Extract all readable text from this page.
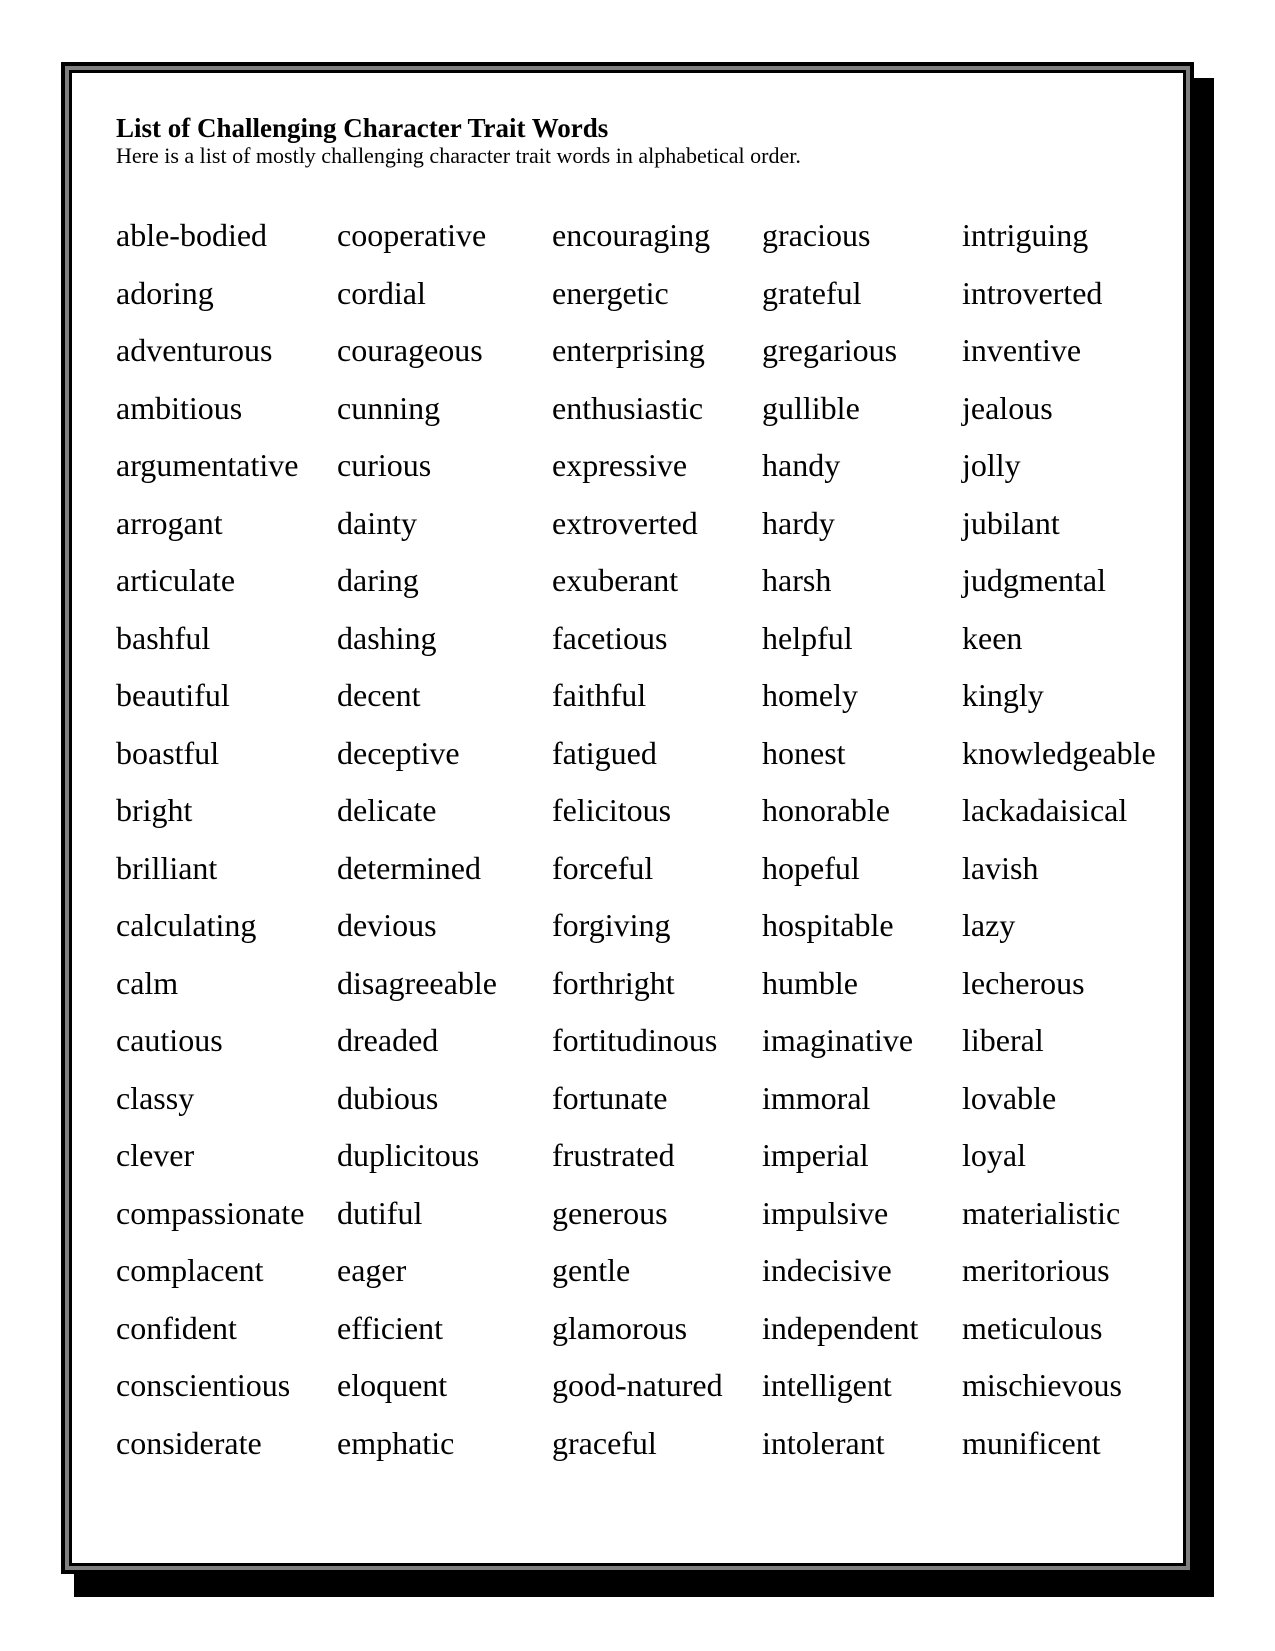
List of Challenging Character Trait Words

Here is a list of mostly challenging character trait words in alphabetical order.

able-bodied
adoring
adventurous
ambitious
argumentative
arrogant
articulate
bashful
beautiful
boastful
bright
brilliant
calculating
calm
cautious
classy
clever
compassionate
complacent
confident
conscientious
considerate
cooperative
cordial
courageous
cunning
curious
dainty
daring
dashing
decent
deceptive
delicate
determined
devious
disagreeable
dreaded
dubious
duplicitous
dutiful
eager
efficient
eloquent
emphatic
encouraging
energetic
enterprising
enthusiastic
expressive
extroverted
exuberant
facetious
faithful
fatigued
felicitous
forceful
forgiving
forthright
fortitudinous
fortunate
frustrated
generous
gentle
glamorous
good-natured
graceful
gracious
grateful
gregarious
gullible
handy
hardy
harsh
helpful
homely
honest
honorable
hopeful
hospitable
humble
imaginative
immoral
imperial
impulsive
indecisive
independent
intelligent
intolerant
intriguing
introverted
inventive
jealous
jolly
jubilant
judgmental
keen
kingly
knowledgeable
lackadaisical
lavish
lazy
lecherous
liberal
lovable
loyal
materialistic
meritorious
meticulous
mischievous
munificent
